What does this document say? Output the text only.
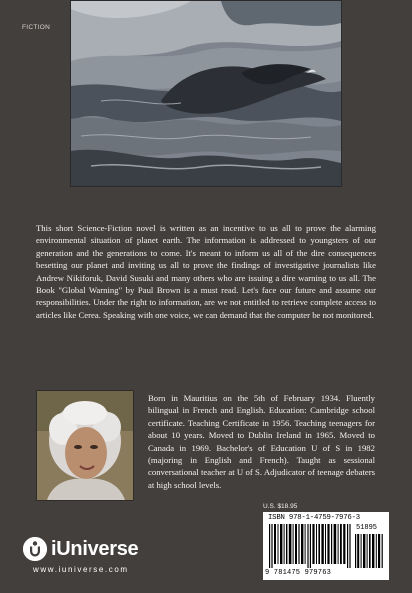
FICTION

This short Science-Fiction novel is written as an incentive to us all to prove the alarming environmental situation of planet earth. The information is addressed to youngsters of our generation and the generations to come. It's meant to inform us all of the dire consequences besetting our planet and inviting us all to prove the findings of investigative journalists like Andrew Nikiforuk, David Susuki and many others who are issuing a dire warning to us all. The Book "Global Warning" by Paul Brown is a must read. Let's face our future and assume our responsibilities. Under the right to information, are we not entitled to retrieve complete access to articles like Cerea. Speaking with one voice, we can demand that the computer be not monitored.

Born in Mauritius on the 5th of February 1934. Fluently bilingual in French and English. Education: Cambridge school certificate. Teaching Certificate in 1956. Teaching teenagers for about 10 years. Moved to Dublin Ireland in 1965. Moved to Canada in 1969. Bachelor's of Education U of S in 1982 (majoring in English and French). Taught as sessional conversational teacher at U of S. Adjudicator of teenage debaters at high school levels.

iUniverse
www.iuniverse.com
U.S. $18.95
ISBN 978-1-4759-7976-3
51895
9 781475 979763
